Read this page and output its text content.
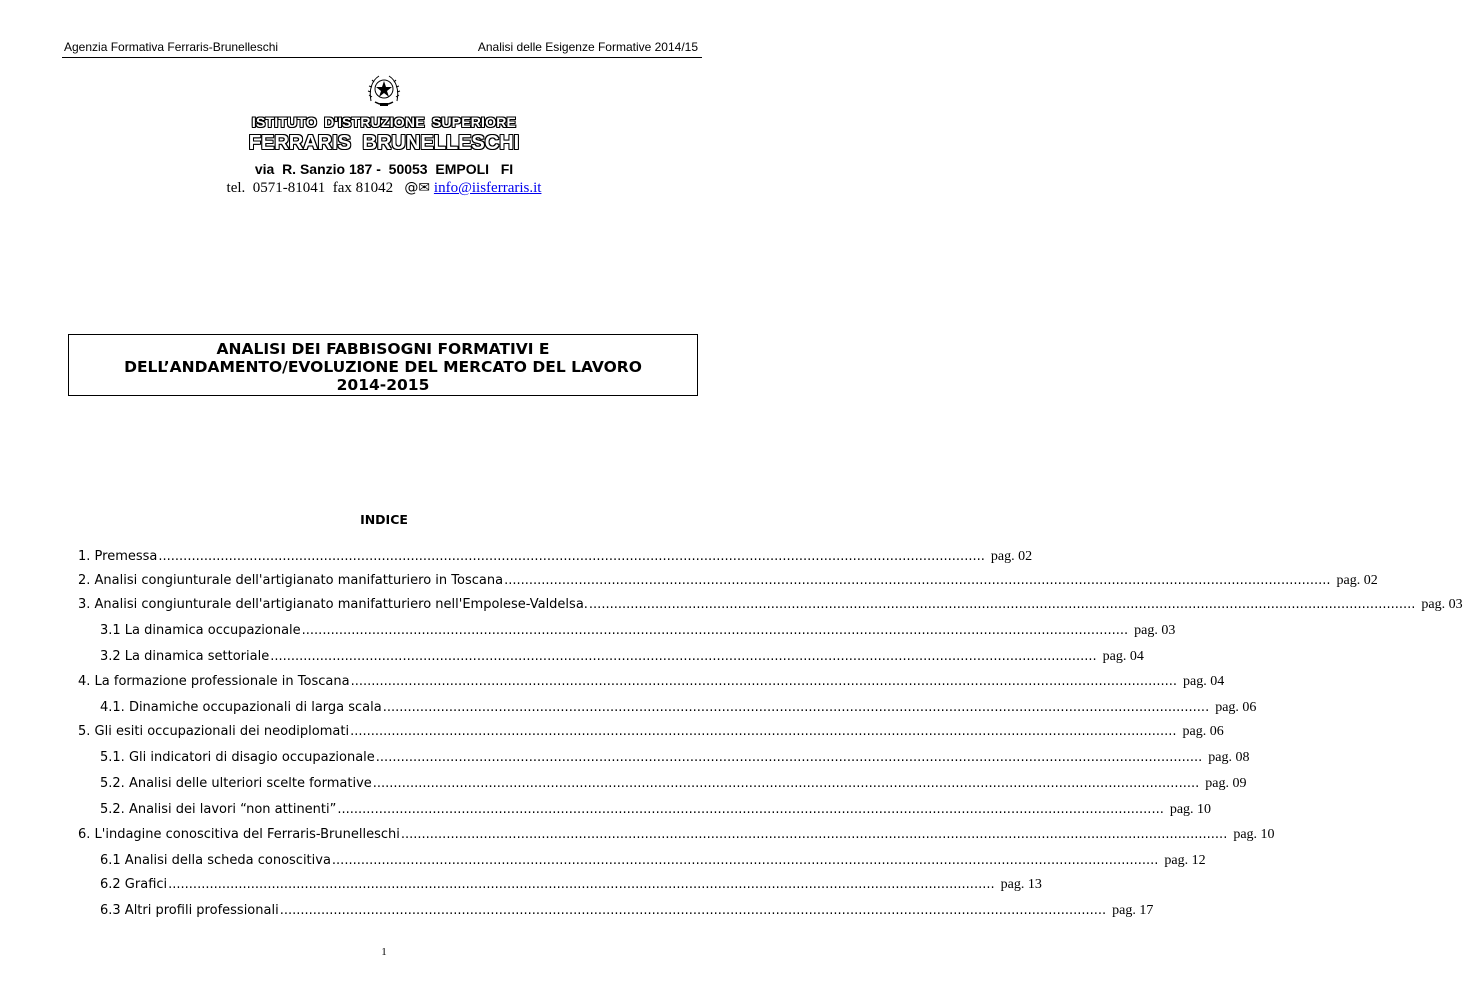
Agenzia Formativa Ferraris-Brunelleschi	Analisi delle Esigenze Formative 2014/15
ISTITUTO D'ISTRUZIONE SUPERIORE
FERRARIS BRUNELLESCHI
via  R. Sanzio 187 -  50053  EMPOLI   FI
tel.  0571-81041  fax 81042   @✉ info@iisferraris.it
ANALISI DEI FABBISOGNI FORMATIVI E
DELL’ANDAMENTO/EVOLUZIONE DEL MERCATO DEL LAVORO
2014-2015
INDICE
1. Premessa........................................................................................................................................................................................................ pag. 02
2. Analisi congiunturale dell'artigianato manifatturiero in Toscana........................................................................................................................................................................................................ pag. 02
3. Analisi congiunturale dell'artigianato manifatturiero nell'Empolese-Valdelsa......................................................................................................................................................................................................... pag. 03
3.1 La dinamica occupazionale........................................................................................................................................................................................................ pag. 03
3.2 La dinamica settoriale........................................................................................................................................................................................................ pag. 04
4. La formazione professionale in Toscana........................................................................................................................................................................................................ pag. 04
4.1. Dinamiche occupazionali di larga scala........................................................................................................................................................................................................ pag. 06
5. Gli esiti occupazionali dei neodiplomati........................................................................................................................................................................................................ pag. 06
5.1. Gli indicatori di disagio occupazionale........................................................................................................................................................................................................ pag. 08
5.2. Analisi delle ulteriori scelte formative........................................................................................................................................................................................................ pag. 09
5.2. Analisi dei lavori “non attinenti”........................................................................................................................................................................................................ pag. 10
6. L'indagine conoscitiva del Ferraris-Brunelleschi........................................................................................................................................................................................................ pag. 10
6.1 Analisi della scheda conoscitiva........................................................................................................................................................................................................ pag. 12
6.2 Grafici........................................................................................................................................................................................................ pag. 13
6.3 Altri profili professionali........................................................................................................................................................................................................ pag. 17
1
